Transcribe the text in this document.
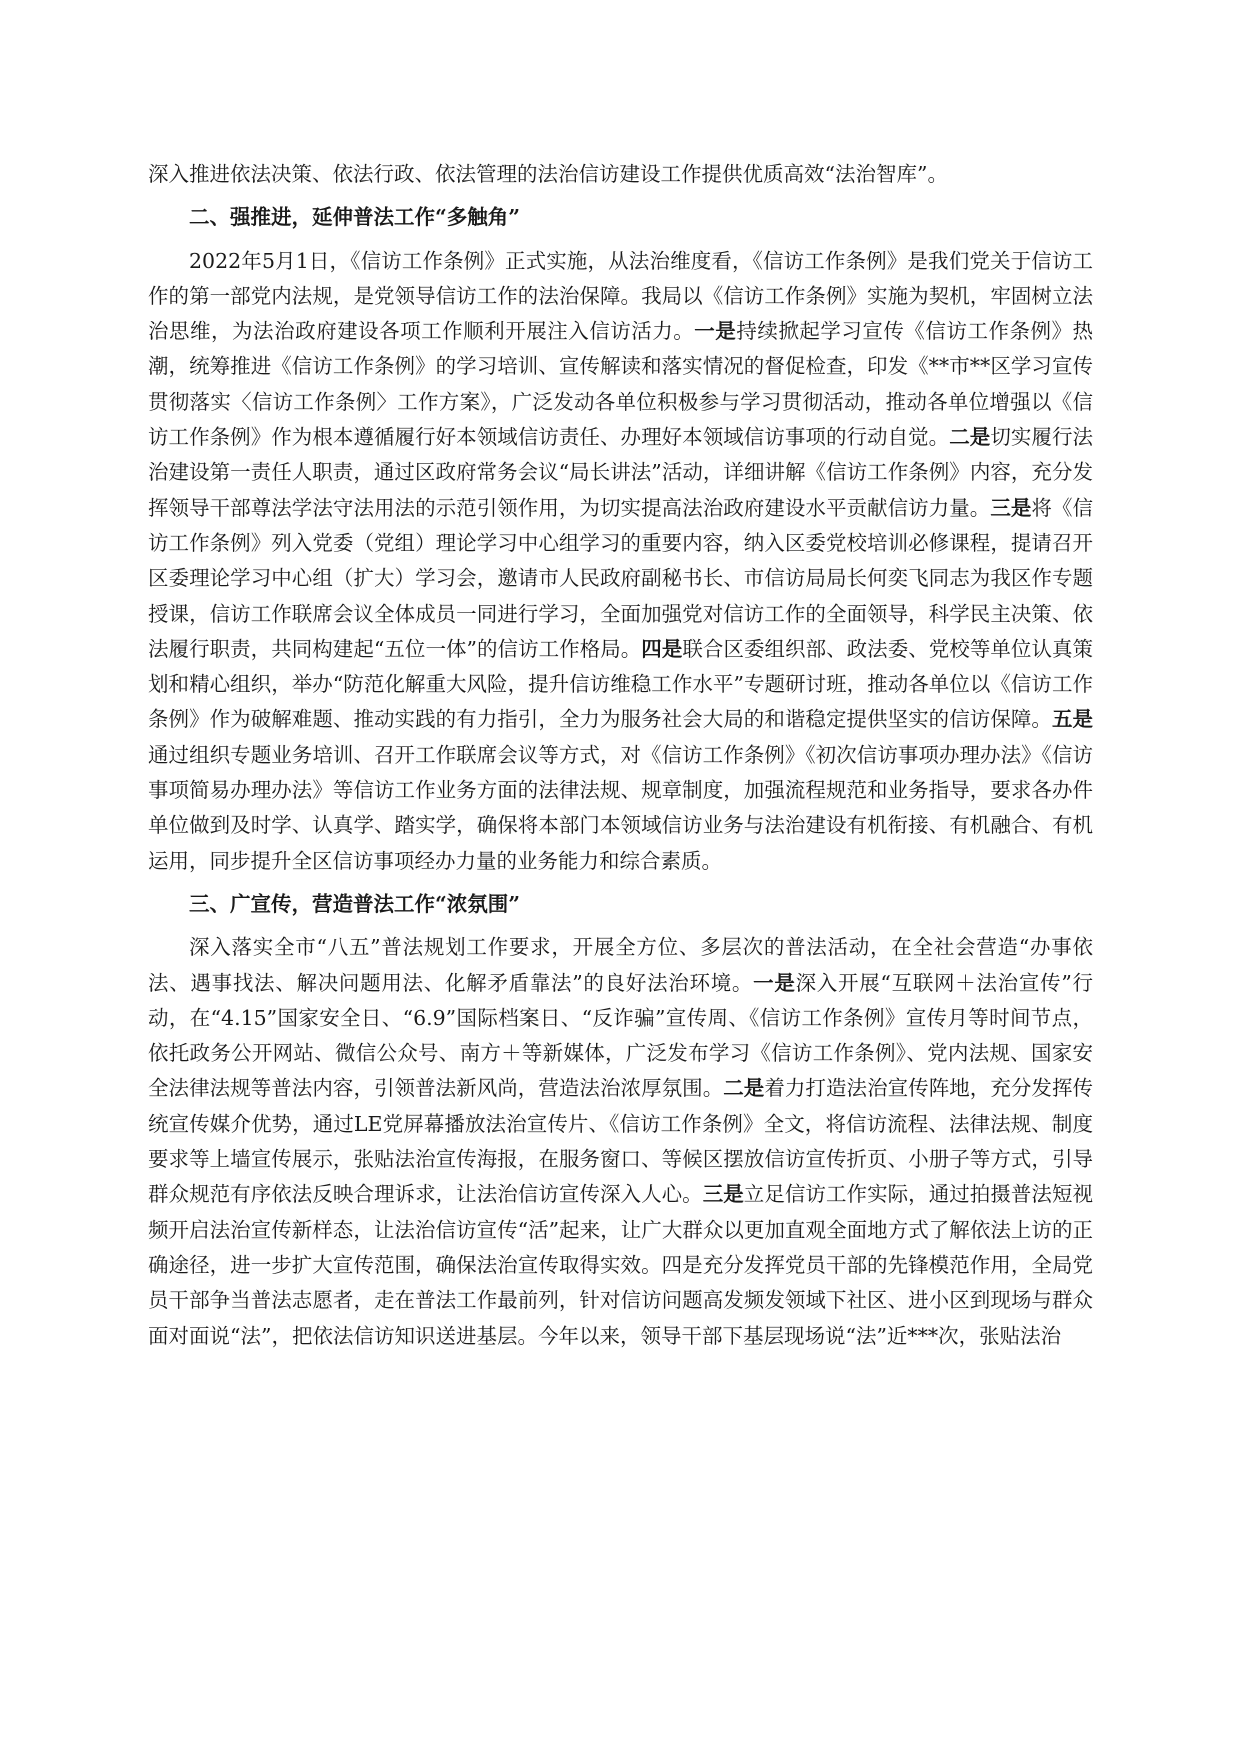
深入推进依法决策、依法行政、依法管理的法治信访建设工作提供优质高效“法治智库”。

二、强推进，延伸普法工作“多触角”

2022年5月1日，《信访工作条例》正式实施，从法治维度看，《信访工作条例》是我们党关于信访工作的第一部党内法规，是党领导信访工作的法治保障。我局以《信访工作条例》实施为契机，牢固树立法治思维，为法治政府建设各项工作顺利开展注入信访活力。一是持续掀起学习宣传《信访工作条例》热潮，统筹推进《信访工作条例》的学习培训、宣传解读和落实情况的督促检查，印发《**市**区学习宣传贯彻落实〈信访工作条例〉工作方案》，广泛发动各单位积极参与学习贯彻活动，推动各单位增强以《信访工作条例》作为根本遵循履行好本领域信访责任、办理好本领域信访事项的行动自觉。二是切实履行法治建设第一责任人职责，通过区政府常务会议“局长讲法”活动，详细讲解《信访工作条例》内容，充分发挥领导干部尊法学法守法用法的示范引领作用，为切实提高法治政府建设水平贡献信访力量。三是将《信访工作条例》列入党委（党组）理论学习中心组学习的重要内容，纳入区委党校培训必修课程，提请召开区委理论学习中心组（扩大）学习会，邀请市人民政府副秘书长、市信访局局长何奕飞同志为我区作专题授课，信访工作联席会议全体成员一同进行学习，全面加强党对信访工作的全面领导，科学民主决策、依法履行职责，共同构建起“五位一体”的信访工作格局。四是联合区委组织部、政法委、党校等单位认真策划和精心组织，举办“防范化解重大风险，提升信访维稳工作水平”专题研讨班，推动各单位以《信访工作条例》作为破解难题、推动实践的有力指引，全力为服务社会大局的和谐稳定提供坚实的信访保障。五是通过组织专题业务培训、召开工作联席会议等方式，对《信访工作条例》《初次信访事项办理办法》《信访事项简易办理办法》等信访工作业务方面的法律法规、规章制度，加强流程规范和业务指导，要求各办件单位做到及时学、认真学、踏实学，确保将本部门本领域信访业务与法治建设有机衔接、有机融合、有机运用，同步提升全区信访事项经办力量的业务能力和综合素质。

三、广宣传，营造普法工作“浓氛围”

深入落实全市“八五”普法规划工作要求，开展全方位、多层次的普法活动，在全社会营造“办事依法、遇事找法、解决问题用法、化解矛盾靠法”的良好法治环境。一是深入开展“互联网＋法治宣传”行动，在“4.15”国家安全日、“6.9”国际档案日、“反诈骗”宣传周、《信访工作条例》宣传月等时间节点，依托政务公开网站、微信公众号、南方＋等新媒体，广泛发布学习《信访工作条例》、党内法规、国家安全法律法规等普法内容，引领普法新风尚，营造法治浓厚氛围。二是着力打造法治宣传阵地，充分发挥传统宣传媒介优势，通过LE党屏幕播放法治宣传片、《信访工作条例》全文，将信访流程、法律法规、制度要求等上墙宣传展示，张贴法治宣传海报，在服务窗口、等候区摆放信访宣传折页、小册子等方式，引导群众规范有序依法反映合理诉求，让法治信访宣传深入人心。三是立足信访工作实际，通过拍摄普法短视频开启法治宣传新样态，让法治信访宣传“活”起来，让广大群众以更加直观全面地方式了解依法上访的正确途径，进一步扩大宣传范围，确保法治宣传取得实效。四是充分发挥党员干部的先锋模范作用，全局党员干部争当普法志愿者，走在普法工作最前列，针对信访问题高发频发领域下社区、进小区到现场与群众面对面说“法”，把依法信访知识送进基层。今年以来，领导干部下基层现场说“法”近***次，张贴法治
